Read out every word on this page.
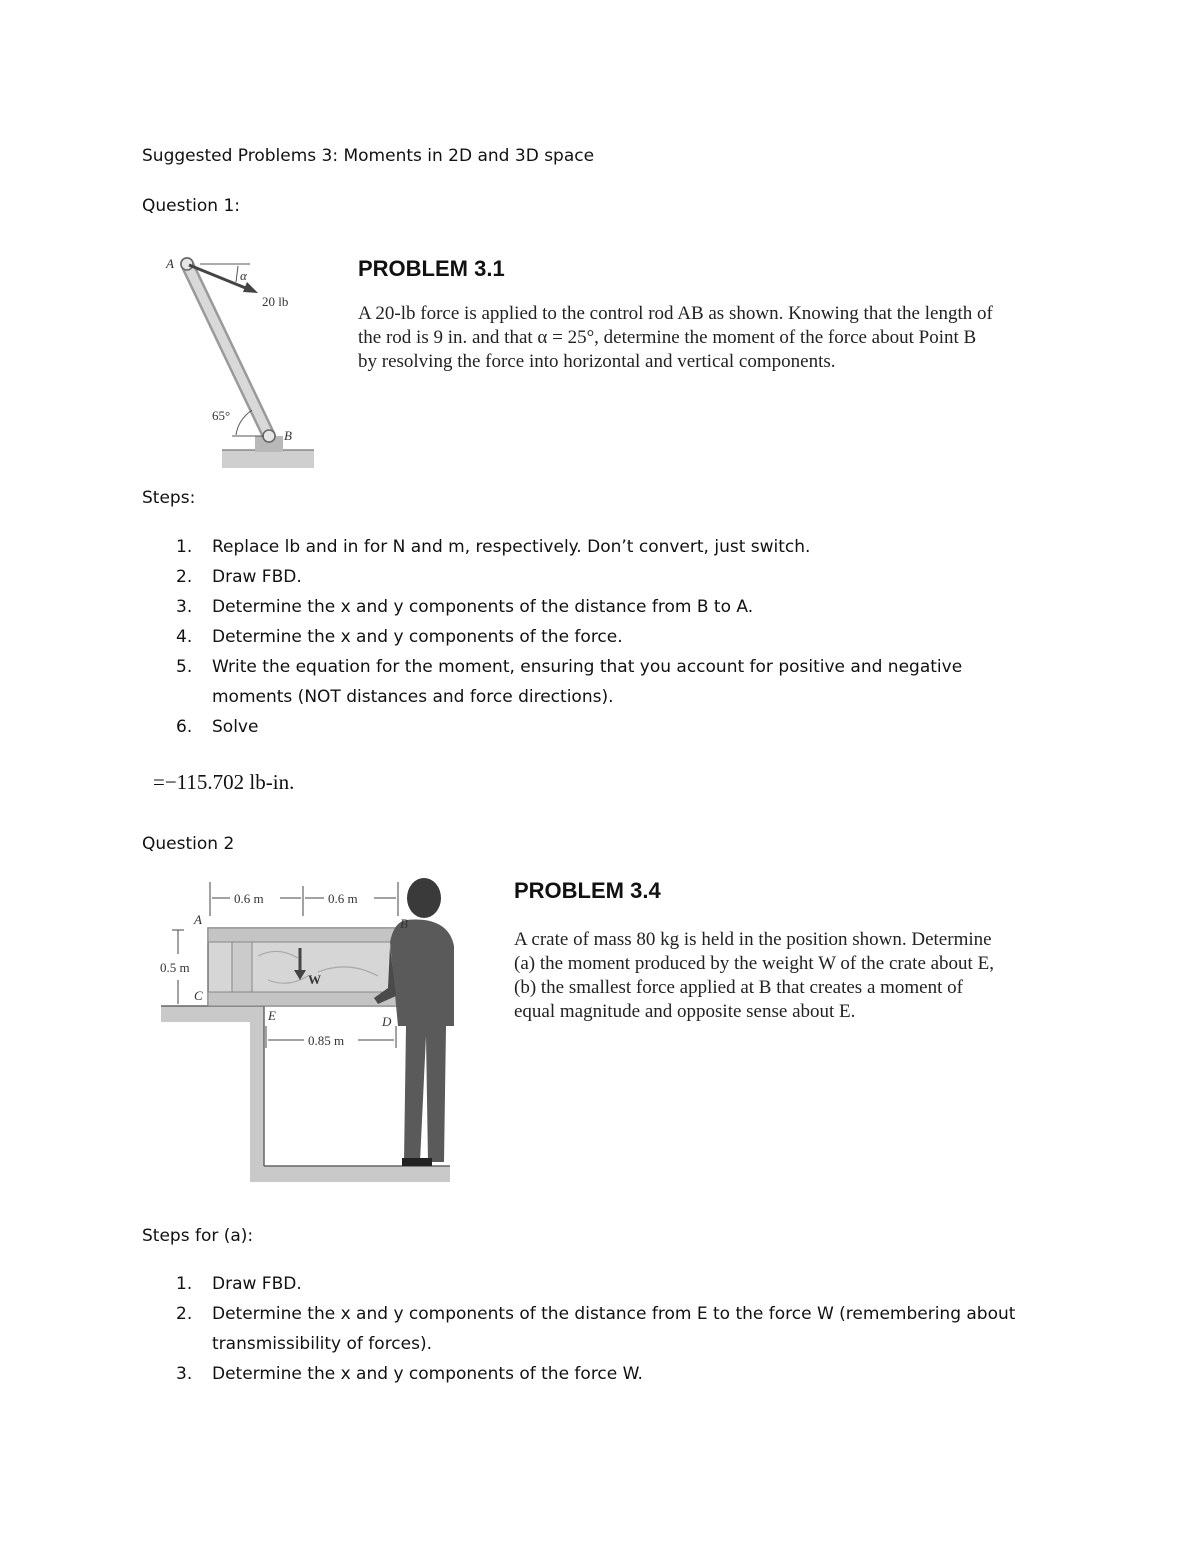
Suggested Problems 3: Moments in 2D and 3D space
Question 1:
A
α
20 lb
65°
B
PROBLEM 3.1
A 20-lb force is applied to the control rod AB as shown. Knowing that the length of
the rod is 9 in. and that α = 25°, determine the moment of the force about Point B
by resolving the force into horizontal and vertical components.
Steps:
1. Replace lb and in for N and m, respectively. Don’t convert, just switch.
2. Draw FBD.
3. Determine the x and y components of the distance from B to A.
4. Determine the x and y components of the force.
5. Write the equation for the moment, ensuring that you account for positive and negative
moments (NOT distances and force directions).
6. Solve
=−115.702 lb-in.
Question 2
0.6 m	0.6 m
0.5 m
0.85 m
A	B
C
D
E
W
PROBLEM 3.4
A crate of mass 80 kg is held in the position shown. Determine
(a) the moment produced by the weight W of the crate about E,
(b) the smallest force applied at B that creates a moment of
equal magnitude and opposite sense about E.
Steps for (a):
1. Draw FBD.
2. Determine the x and y components of the distance from E to the force W (remembering about
transmissibility of forces).
3. Determine the x and y components of the force W.
